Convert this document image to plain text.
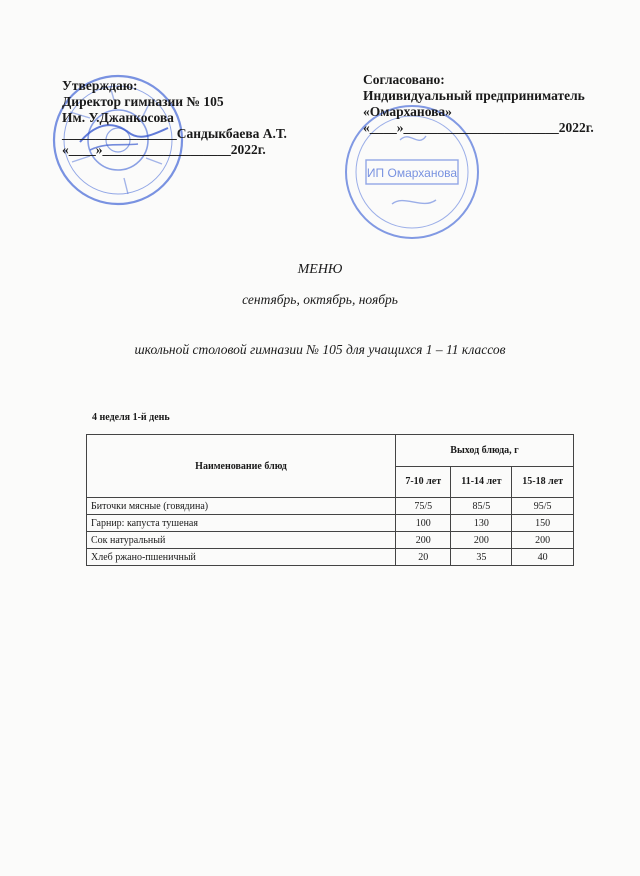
ИП Омарханова
Утверждаю:
Директор гимназии № 105
Им. У.Джанкосова
_________________Сандыкбаева А.Т.
«____»___________________2022г.
Согласовано:
Индивидуальный предприниматель
«Омарханова»
«____»_______________________2022г.
МЕНЮ
сентябрь, октябрь, ноябрь
школьной столовой гимназии № 105 для учащихся 1 – 11 классов
4 неделя 1-й день
Наименование блюд	Выход блюда, г		
	7-10 лет	11-14 лет	15-18 лет
Биточки мясные (говядина)	75/5	85/5	95/5
Гарнир: капуста тушеная	100	130	150
Сок натуральный	200	200	200
Хлеб ржано-пшеничный	20	35	40
